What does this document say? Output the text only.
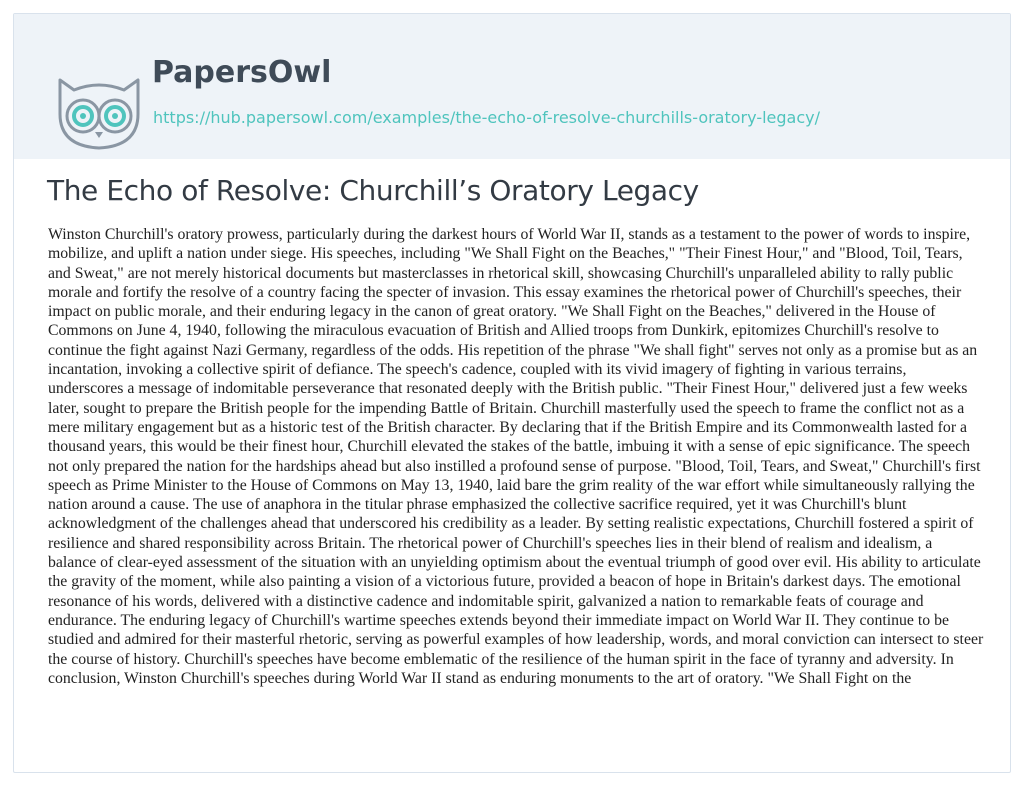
PapersOwl
https://hub.papersowl.com/examples/the-echo-of-resolve-churchills-oratory-legacy/
The Echo of Resolve: Churchill’s Oratory Legacy

Winston Churchill's oratory prowess, particularly during the darkest hours of World War II, stands as a testament to the power of words to inspire, mobilize, and uplift a nation under siege. His speeches, including "We Shall Fight on the Beaches," "Their Finest Hour," and "Blood, Toil, Tears, and Sweat," are not merely historical documents but masterclasses in rhetorical skill, showcasing Churchill's unparalleled ability to rally public morale and fortify the resolve of a country facing the specter of invasion. This essay examines the rhetorical power of Churchill's speeches, their impact on public morale, and their enduring legacy in the canon of great oratory. "We Shall Fight on the Beaches," delivered in the House of Commons on June 4, 1940, following the miraculous evacuation of British and Allied troops from Dunkirk, epitomizes Churchill's resolve to continue the fight against Nazi Germany, regardless of the odds. His repetition of the phrase "We shall fight" serves not only as a promise but as an incantation, invoking a collective spirit of defiance. The speech's cadence, coupled with its vivid imagery of fighting in various terrains, underscores a message of indomitable perseverance that resonated deeply with the British public. "Their Finest Hour," delivered just a few weeks later, sought to prepare the British people for the impending Battle of Britain. Churchill masterfully used the speech to frame the conflict not as a mere military engagement but as a historic test of the British character. By declaring that if the British Empire and its Commonwealth lasted for a thousand years, this would be their finest hour, Churchill elevated the stakes of the battle, imbuing it with a sense of epic significance. The speech not only prepared the nation for the hardships ahead but also instilled a profound sense of purpose. "Blood, Toil, Tears, and Sweat," Churchill's first speech as Prime Minister to the House of Commons on May 13, 1940, laid bare the grim reality of the war effort while simultaneously rallying the nation around a cause. The use of anaphora in the titular phrase emphasized the collective sacrifice required, yet it was Churchill's blunt acknowledgment of the challenges ahead that underscored his credibility as a leader. By setting realistic expectations, Churchill fostered a spirit of resilience and shared responsibility across Britain. The rhetorical power of Churchill's speeches lies in their blend of realism and idealism, a balance of clear-eyed assessment of the situation with an unyielding optimism about the eventual triumph of good over evil. His ability to articulate the gravity of the moment, while also painting a vision of a victorious future, provided a beacon of hope in Britain's darkest days. The emotional resonance of his words, delivered with a distinctive cadence and indomitable spirit, galvanized a nation to remarkable feats of courage and endurance. The enduring legacy of Churchill's wartime speeches extends beyond their immediate impact on World War II. They continue to be studied and admired for their masterful rhetoric, serving as powerful examples of how leadership, words, and moral conviction can intersect to steer the course of history. Churchill's speeches have become emblematic of the resilience of the human spirit in the face of tyranny and adversity. In conclusion, Winston Churchill's speeches during World War II stand as enduring monuments to the art of oratory. "We Shall Fight on the
